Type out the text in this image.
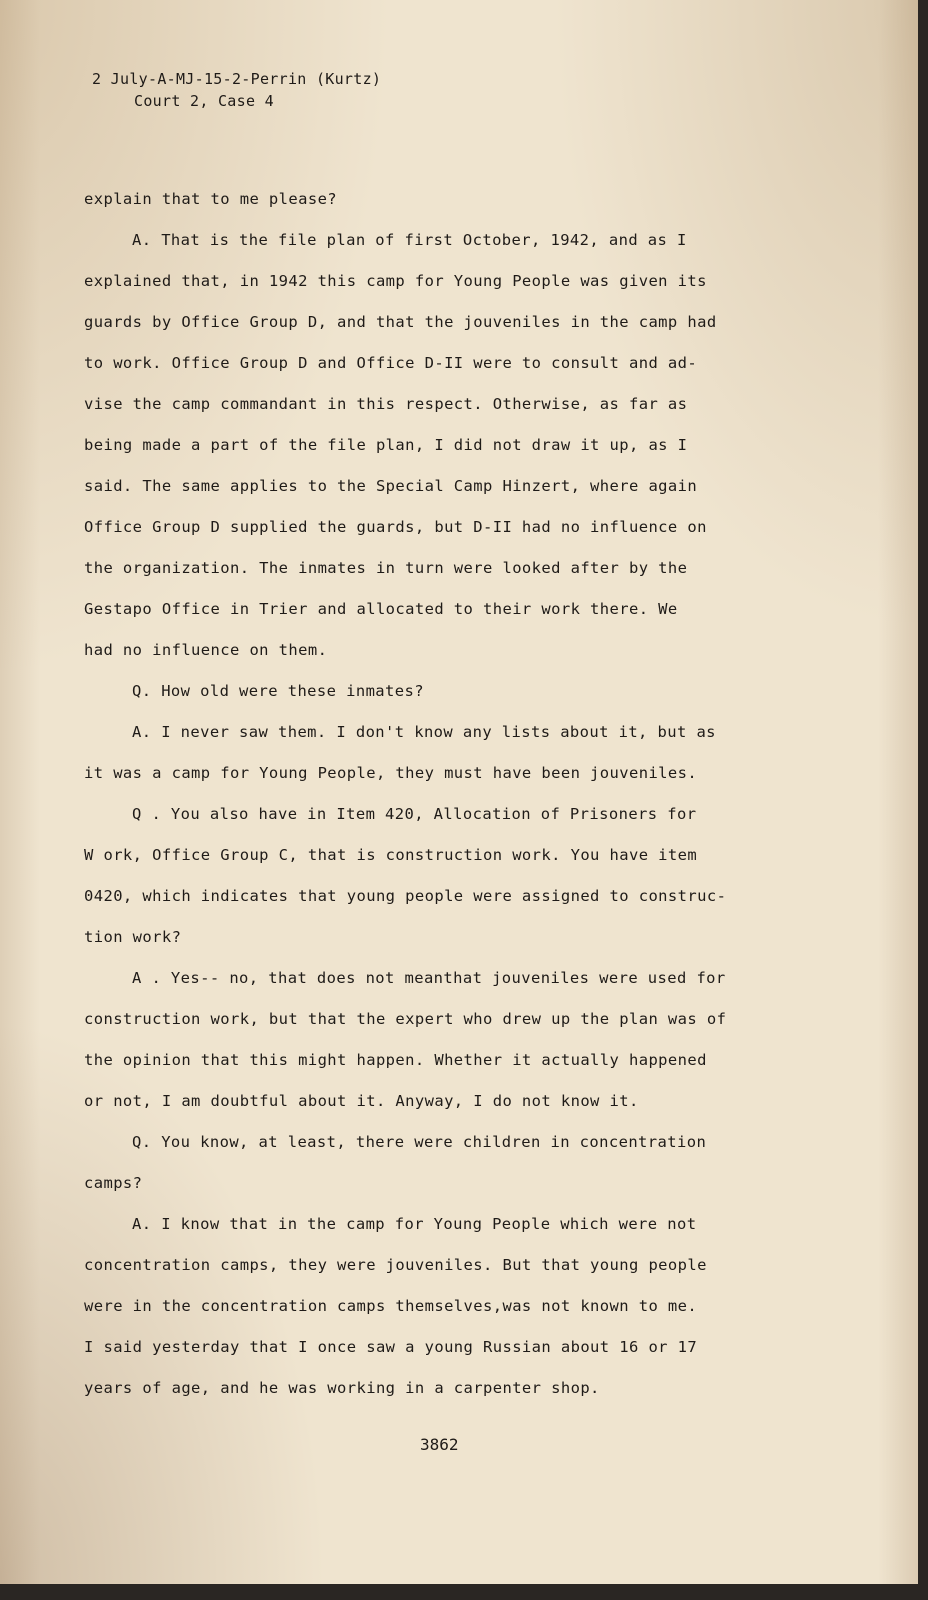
2 July-A-MJ-15-2-Perrin (Kurtz)
Court 2, Case 4
explain that to me please?
A. That is the file plan of first October, 1942, and as I
explained that, in 1942 this camp for Young People was given its
guards by Office Group D, and that the jouveniles in the camp had
to work. Office Group D and Office D-II were to consult and ad-
vise the camp commandant in this respect. Otherwise, as far as
being made a part of the file plan, I did not draw it up, as I
said. The same applies to the Special Camp Hinzert, where again
Office Group D supplied the guards, but D-II had no influence on
the organization. The inmates in turn were looked after by the
Gestapo Office in Trier and allocated to their work there. We
had no influence on them.
Q. How old were these inmates?
A. I never saw them. I don't know any lists about it, but as
it was a camp for Young People, they must have been jouveniles.
Q . You also have in Item 420, Allocation of Prisoners for
W ork, Office Group C, that is construction work. You have item
0420, which indicates that young people were assigned to construc-
tion work?
A . Yes-- no, that does not meanthat jouveniles were used for
construction work, but that the expert who drew up the plan was of
the opinion that this might happen. Whether it actually happened
or not, I am doubtful about it. Anyway, I do not know it.
Q. You know, at least, there were children in concentration
camps?
A. I know that in the camp for Young People which were not
concentration camps, they were jouveniles. But that young people
were in the concentration camps themselves,was not known to me.
I said yesterday that I once saw a young Russian about 16 or 17
years of age, and he was working in a carpenter shop.
3862
